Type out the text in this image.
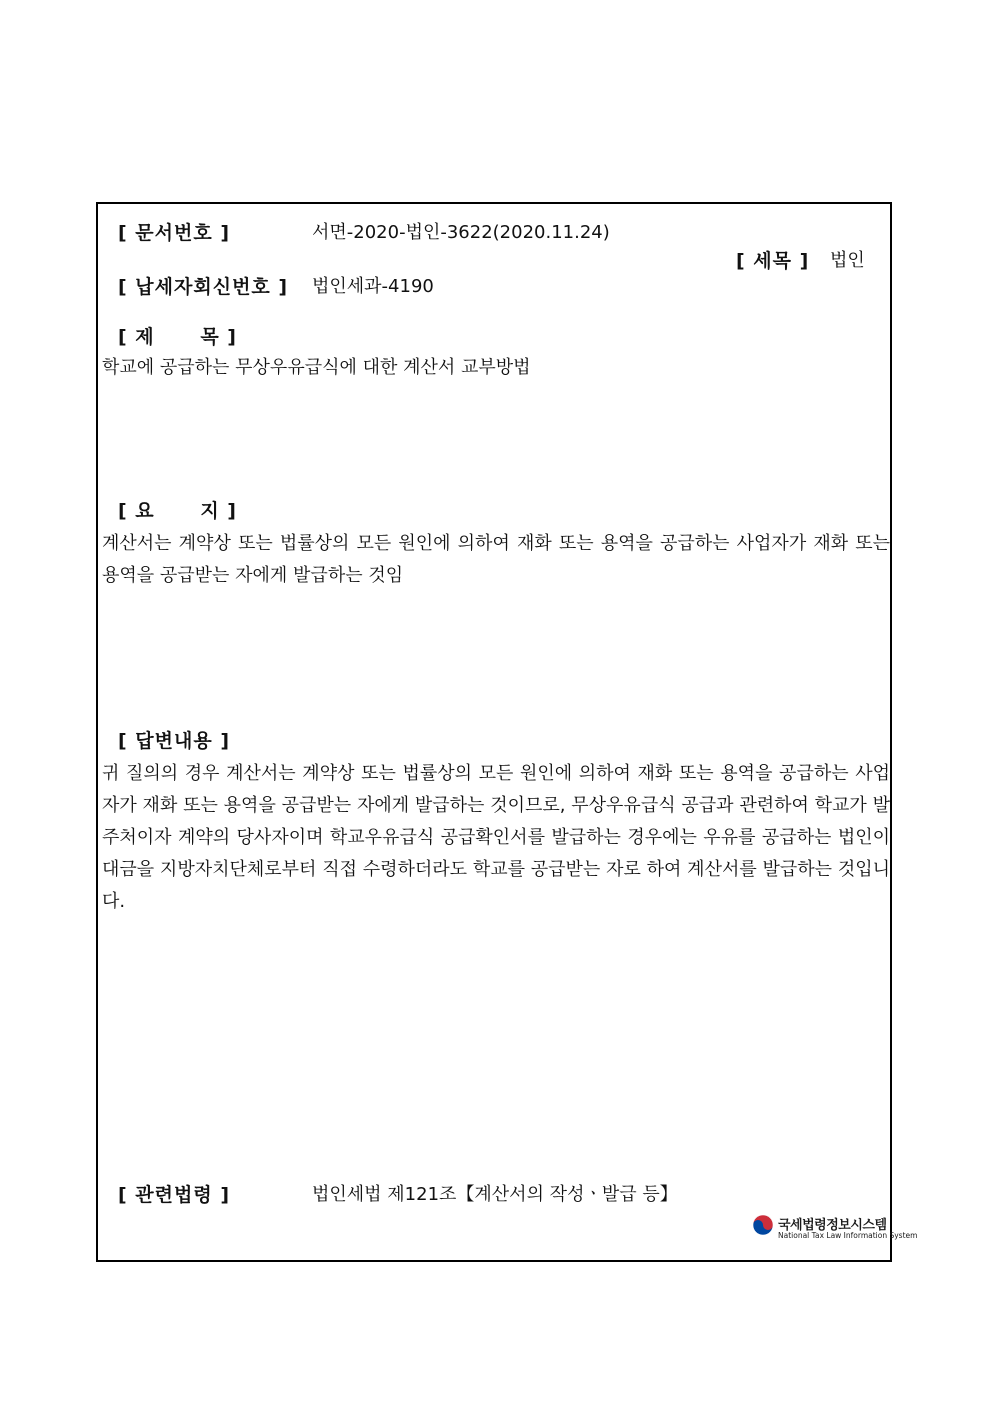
[ 문서번호 ]	서면-2020-법인-3622(2020.11.24)
[ 세목 ] 법인
[ 납세자회신번호 ] 법인세과-4190
[ 제      목 ]
학교에 공급하는 무상우유급식에 대한 계산서 교부방법
[ 요      지 ]
계산서는 계약상 또는 법률상의 모든 원인에 의하여 재화 또는 용역을 공급하는 사업자가 재화 또는 용역을 공급받는 자에게 발급하는 것임
[ 답변내용 ]
귀 질의의 경우 계산서는 계약상 또는 법률상의 모든 원인에 의하여 재화 또는 용역을 공급하는 사업자가 재화 또는 용역을 공급받는 자에게 발급하는 것이므로, 무상우유급식 공급과 관련하여 학교가 발주처이자 계약의 당사자이며 학교우유급식 공급확인서를 발급하는 경우에는 우유를 공급하는 법인이 대금을 지방자치단체로부터 직접 수령하더라도 학교를 공급받는 자로 하여 계산서를 발급하는 것입니다.
[ 관련법령 ]	법인세법 제121조【계산서의 작성ㆍ발급 등】
국세법령정보시스템
National Tax Law Information System
